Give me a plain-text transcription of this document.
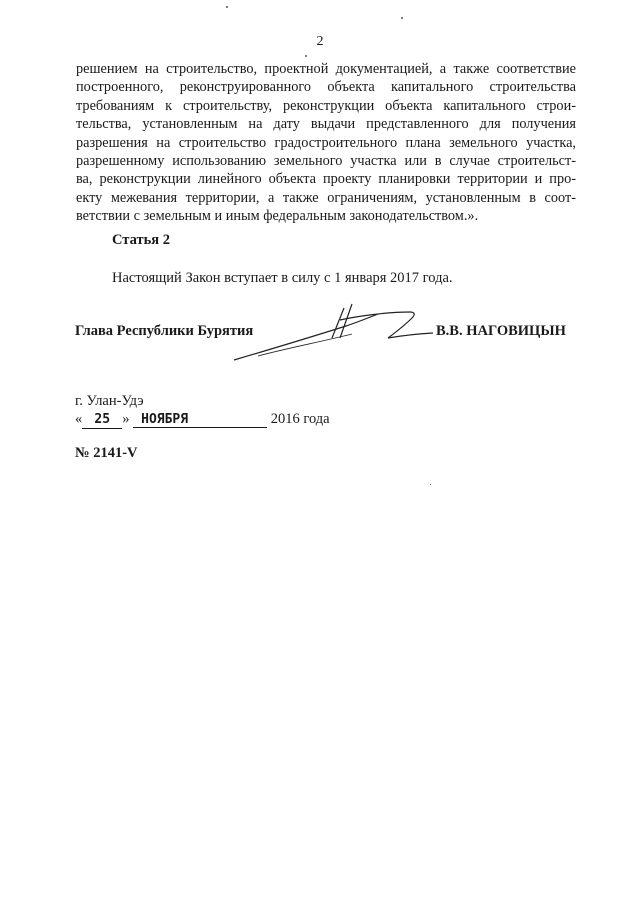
2
решением на строительство, проектной документацией, а также соответствие
построенного, реконструированного объекта капитального строительства
требованиям к строительству, реконструкции объекта капитального строи-
тельства, установленным на дату выдачи представленного для получения
разрешения на строительство градостроительного плана земельного участка,
разрешенному использованию земельного участка или в случае строительст-
ва, реконструкции линейного объекта проекту планировки территории и про-
екту межевания территории, а также ограничениям, установленным в соот-
ветствии с земельным и иным федеральным законодательством.».
Статья 2
Настоящий Закон вступает в силу с 1 января 2017 года.
Глава Республики Бурятия	В.В. НАГОВИЦЫН
г. Улан-Удэ
« 25 » НОЯБРЯ	2016 года
№ 2141-V
